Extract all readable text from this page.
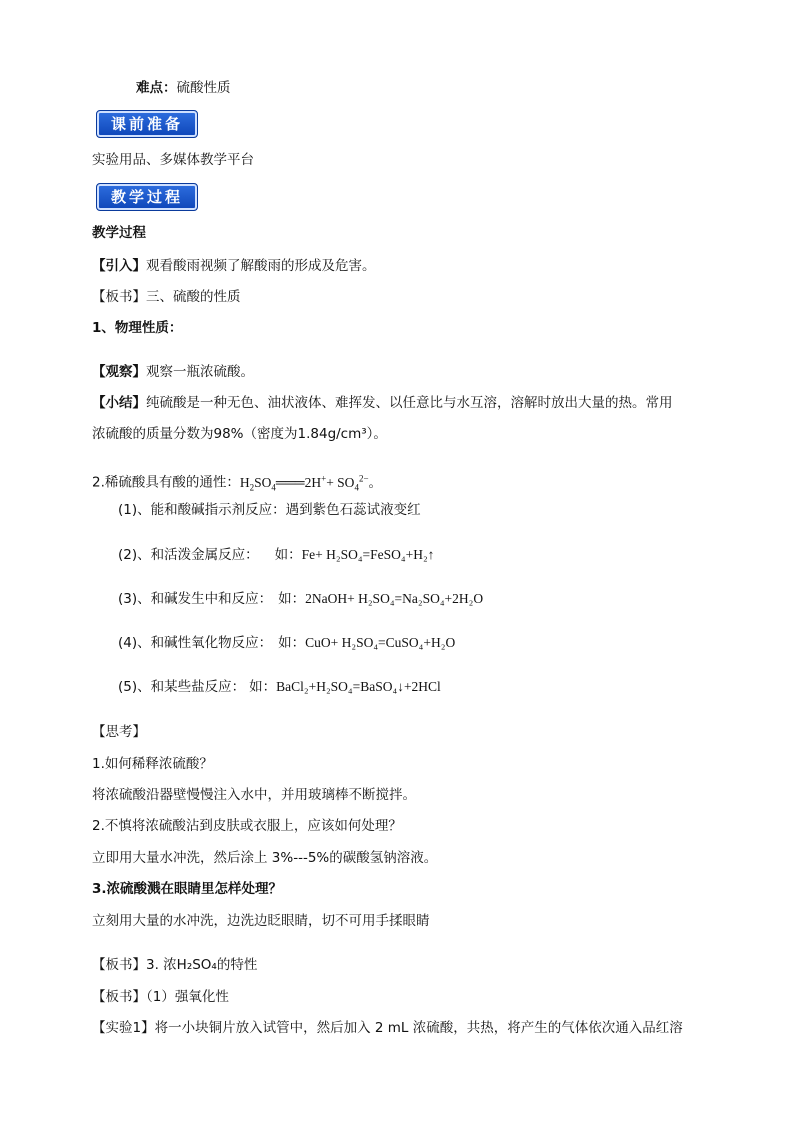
难点：硫酸性质
课前准备
实验用品、多媒体教学平台
教学过程
教学过程
【引入】观看酸雨视频了解酸雨的形成及危害。
【板书】三、硫酸的性质
1、物理性质：
【观察】观察一瓶浓硫酸。
【小结】纯硫酸是一种无色、油状液体、难挥发、以任意比与水互溶，溶解时放出大量的热。常用
浓硫酸的质量分数为98%（密度为1.84g/cm³）。
2.稀硫酸具有酸的通性：$H_2SO_4═══2H^++ SO_4^{2-}$。
(1)、能和酸碱指示剂反应：遇到紫色石蕊试液变红
(2)、和活泼金属反应： 如：Fe+ H₂SO₄=FeSO₄+H₂↑
(3)、和碱发生中和反应： 如：2NaOH+ H₂SO₄=Na₂SO₄+2H₂O
(4)、和碱性氧化物反应： 如：CuO+ H₂SO₄=CuSO₄+H₂O
(5)、和某些盐反应： 如：BaCl₂+H₂SO₄=BaSO₄↓+2HCl
【思考】
1.如何稀释浓硫酸？
将浓硫酸沿器壁慢慢注入水中，并用玻璃棒不断搅拌。
2.不慎将浓硫酸沾到皮肤或衣服上，应该如何处理？
立即用大量水冲洗，然后涂上 3%---5%的碳酸氢钠溶液。
3.浓硫酸溅在眼睛里怎样处理？
立刻用大量的水冲洗，边洗边眨眼睛，切不可用手揉眼睛
【板书】3. 浓H₂SO₄的特性
【板书】（1）强氧化性
【实验1】将一小块铜片放入试管中，然后加入 2 mL 浓硫酸，共热，将产生的气体依次通入品红溶
